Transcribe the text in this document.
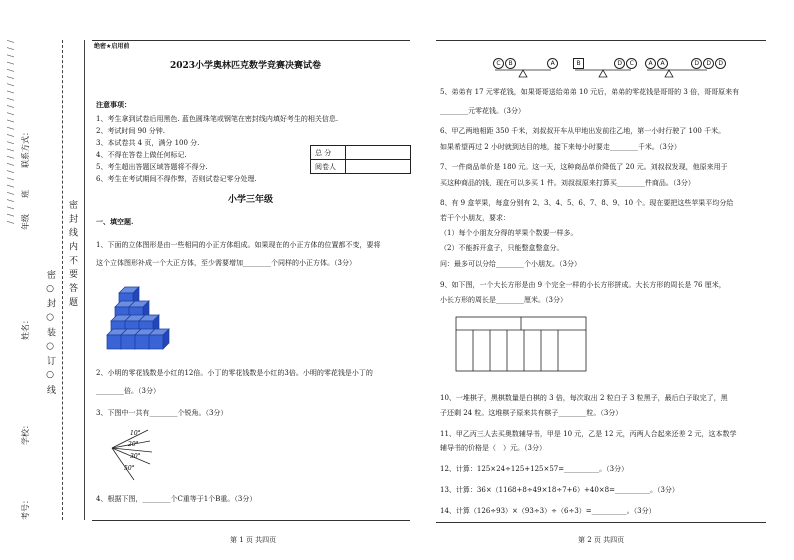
/ / / / / / / / / / / / / / / / / / / / / / / / / /
密 ○ 封 ○ 装 ○ 订 ○ 线
密 封 线 内 不 要 答 题
联系方式：
年级
班
姓名：
学校：
考号：
绝密★启用前
2023小学奥林匹克数学竞赛决赛试卷
注意事项：
1、考生拿到试卷后用黑色. 蓝色圆珠笔或钢笔在密封线内填好考生的相关信息.
2、考试时间 90 分钟.
3、本试卷共 4 页，满分 100 分.
4、不得在答卷上做任何标记.
5、考生超出答题区域答题将不得分.
6、考生在考试期间不得作弊，否则试卷记零分处理.
总 分	
阅卷人	
小学三年级
一、填空题.
1、下面的立体图形是由一些相同的小正方体组成。如果现在的小正方体的位置都不变，要将
这个立体图形补成一个大正方体，至少需要增加________个同样的小正方体。（3分）
2、小明的零花钱数是小红的12倍。小丁的零花钱数是小红的3倍。小明的零花钱是小丁的
________倍。（3分）
3、下图中一共有________个锐角。（3分）
10°
20°
30°
50°
4、根据下图，________个C重等于1个B重。（3分）
第 1 页 共四页
C B	A	B	D C	A A	D D D
5、弟弟有 17 元零花钱，如果哥哥送给弟弟 10 元后，弟弟的零花钱是哥哥的 3 倍，哥哥原来有
________元零花钱。（3分）
6、甲乙两地相距 350 千米，刘叔叔开车从甲地出发前往乙地，第一小时行驶了 100 千米。
如果希望再过 2 小时就到达目的地，接下来每小时要走________千米。（3分）
7、一件商品单价是 180 元。这一天，这种商品单价降低了 20 元。刘叔叔发现，他原来用于
买这种商品的钱，现在可以多买 1 件。刘叔叔原来打算买________件商品。（3分）
8、有 9 盒苹果，每盒分别有 2、3、4、5、6、7、8、9、10 个。现在要把这些苹果平均分给
若干个小朋友，要求：
（1）每个小朋友分得的苹果个数要一样多。
（2）不能拆开盒子，只能整盒整盒分。
问：最多可以分给________个小朋友。（3分）
9、如下图，一个大长方形是由 9 个完全一样的小长方形拼成。大长方形的周长是 76 厘米，
小长方形的周长是________厘米。（3分）
10、一堆棋子，黑棋数量是白棋的 3 倍，每次取出 2 粒白子 3 粒黑子，最后白子取完了，黑
子还剩 24 粒。这堆棋子原来共有棋子________粒。（3分）
11、甲乙丙三人去买奥数辅导书，甲是 10 元，乙是 12 元，丙两人合起来还差 2 元，这本数学
辅导书的价格是（　）元。（3分）
12、计算：125×24÷125+125×57=__________。（3分）
13、计算：36×（1168+8÷49×18÷7+6）+40×8=__________。（3分）
14、计算（126÷93）×（93÷3）÷（6÷3）=__________。（3分）
第 2 页 共四页
